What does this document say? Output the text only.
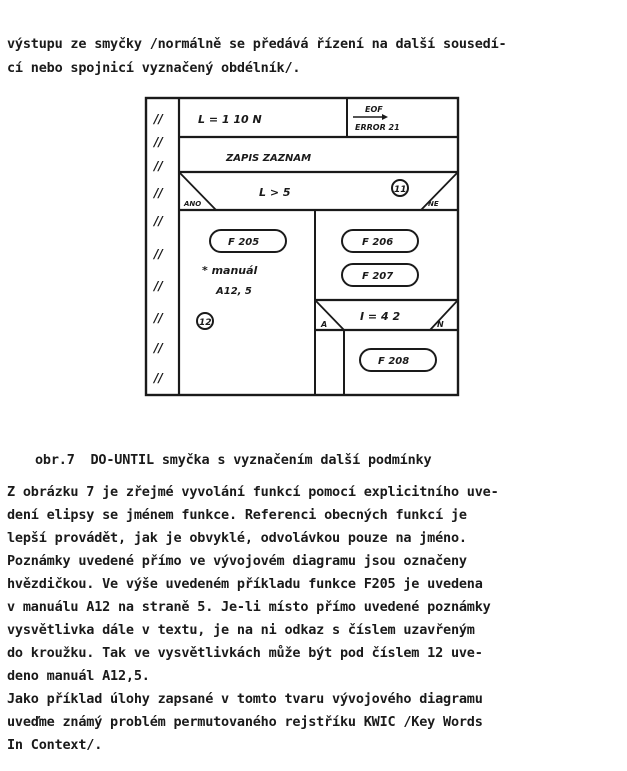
výstupu ze smyčky /normálně se předává řízení na další sousedí-
cí nebo spojnicí vyznačený obdélník/.
//
//
//
//
//
//
//
//
//
//
L = 1 10 N
EOF
ERROR 21
ZAPIS ZAZNAM
L > 5	11
ANO	NE
F 205
* manuál
A12, 5
12
F 206
F 207
I = 4 2
A	N
F 208
obr.7  DO-UNTIL smyčka s vyznačením další podmínky
Z obrázku 7 je zřejmé vyvolání funkcí pomocí explicitního uve-
dení elipsy se jménem funkce. Referenci obecných funkcí je
lepší provádět, jak je obvyklé, odvolávkou pouze na jméno.
Poznámky uvedené přímo ve vývojovém diagramu jsou označeny
hvězdičkou. Ve výše uvedeném příkladu funkce F205 je uvedena
v manuálu A12 na straně 5. Je-li místo přímo uvedené poznámky
vysvětlivka dále v textu, je na ni odkaz s číslem uzavřeným
do kroužku. Tak ve vysvětlivkách může být pod číslem 12 uve-
deno manuál A12,5.
Jako příklad úlohy zapsané v tomto tvaru vývojového diagramu
uveďme známý problém permutovaného rejstříku KWIC /Key Words
In Context/.
